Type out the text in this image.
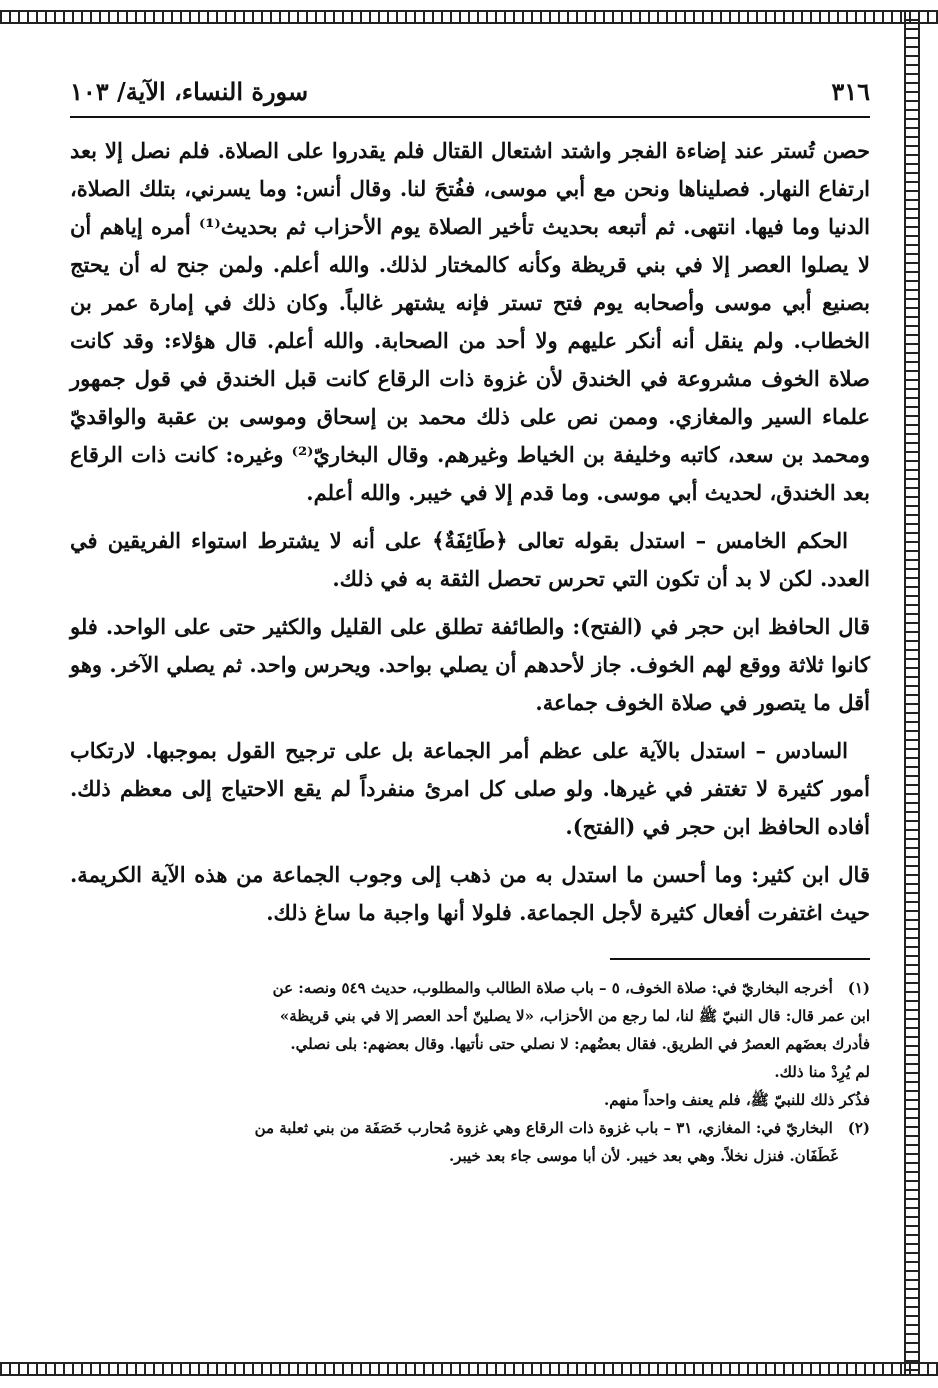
٣١٦
سورة النساء، الآية/ ١٠٣

حصن تُستر عند إضاءة الفجر واشتد اشتعال القتال فلم يقدروا على الصلاة. فلم نصل إلا بعد ارتفاع النهار. فصليناها ونحن مع أبي موسى، ففُتحَ لنا. وقال أنس: وما يسرني، بتلك الصلاة، الدنيا وما فيها. انتهى. ثم أتبعه بحديث تأخير الصلاة يوم الأحزاب ثم بحديث⁽¹⁾ أمره إياهم أن لا يصلوا العصر إلا في بني قريظة وكأنه كالمختار لذلك. والله أعلم. ولمن جنح له أن يحتج بصنيع أبي موسى وأصحابه يوم فتح تستر فإنه يشتهر غالباً. وكان ذلك في إمارة عمر بن الخطاب. ولم ينقل أنه أنكر عليهم ولا أحد من الصحابة. والله أعلم. قال هؤلاء: وقد كانت صلاة الخوف مشروعة في الخندق لأن غزوة ذات الرقاع كانت قبل الخندق في قول جمهور علماء السير والمغازي. وممن نص على ذلك محمد بن إسحاق وموسى بن عقبة والواقديّ ومحمد بن سعد، كاتبه وخليفة بن الخياط وغيرهم. وقال البخاريّ⁽²⁾ وغيره: كانت ذات الرقاع بعد الخندق، لحديث أبي موسى. وما قدم إلا في خيبر. والله أعلم.

الحكم الخامس – استدل بقوله تعالى ﴿طَائِفَةٌ﴾ على أنه لا يشترط استواء الفريقين في العدد. لكن لا بد أن تكون التي تحرس تحصل الثقة به في ذلك.

قال الحافظ ابن حجر في (الفتح): والطائفة تطلق على القليل والكثير حتى على الواحد. فلو كانوا ثلاثة ووقع لهم الخوف. جاز لأحدهم أن يصلي بواحد. ويحرس واحد. ثم يصلي الآخر. وهو أقل ما يتصور في صلاة الخوف جماعة.

السادس – استدل بالآية على عظم أمر الجماعة بل على ترجيح القول بموجبها. لارتكاب أمور كثيرة لا تغتفر في غيرها. ولو صلى كل امرئ منفرداً لم يقع الاحتياج إلى معظم ذلك. أفاده الحافظ ابن حجر في (الفتح).

قال ابن كثير: وما أحسن ما استدل به من ذهب إلى وجوب الجماعة من هذه الآية الكريمة. حيث اغتفرت أفعال كثيرة لأجل الجماعة. فلولا أنها واجبة ما ساغ ذلك.

(١) أخرجه البخاريّ في: صلاة الخوف، ٥ – باب صلاة الطالب والمطلوب، حديث ٥٤٩ ونصه: عن
ابن عمر قال: قال النبيّ ﷺ لنا، لما رجع من الأحزاب، «لا يصلينّ أحد العصر إلا في بني قريظة»
فأدرك بعضَهم العصرُ في الطريق. فقال بعضُهم: لا نصلي حتى نأتيها. وقال بعضهم: بلى نصلي.
لم يُرِدْ منا ذلك.
فذُكر ذلك للنبيّ ﷺ، فلم يعنف واحداً منهم.
(٢) البخاريّ في: المغازي، ٣١ – باب غزوة ذات الرقاع وهي غزوة مُحارب خَصَفَة من بني ثعلبة من
غَطَفَان. فنزل نخلاً. وهي بعد خيبر. لأن أبا موسى جاء بعد خيبر.
